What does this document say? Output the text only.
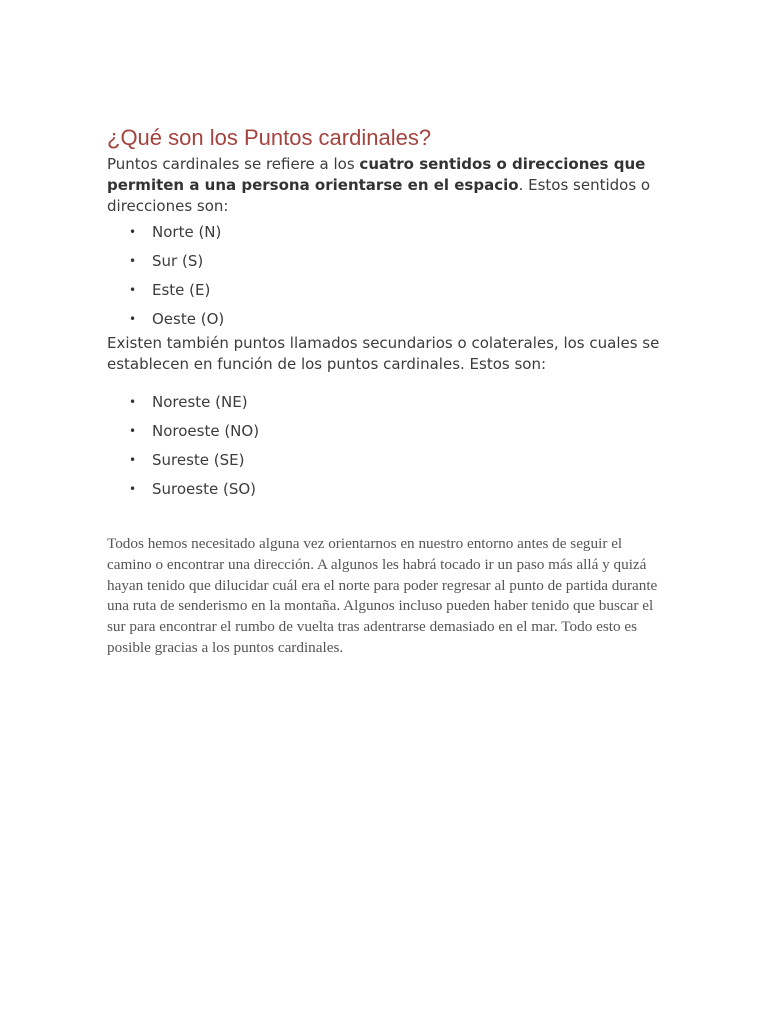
¿Qué son los Puntos cardinales?

Puntos cardinales se refiere a los cuatro sentidos o direcciones que permiten a una persona orientarse en el espacio. Estos sentidos o direcciones son:

• Norte (N)
• Sur (S)
• Este (E)
• Oeste (O)

Existen también puntos llamados secundarios o colaterales, los cuales se establecen en función de los puntos cardinales. Estos son:

• Noreste (NE)
• Noroeste (NO)
• Sureste (SE)
• Suroeste (SO)

Todos hemos necesitado alguna vez orientarnos en nuestro entorno antes de seguir el camino o encontrar una dirección. A algunos les habrá tocado ir un paso más allá y quizá hayan tenido que dilucidar cuál era el norte para poder regresar al punto de partida durante una ruta de senderismo en la montaña. Algunos incluso pueden haber tenido que buscar el sur para encontrar el rumbo de vuelta tras adentrarse demasiado en el mar. Todo esto es posible gracias a los puntos cardinales.
